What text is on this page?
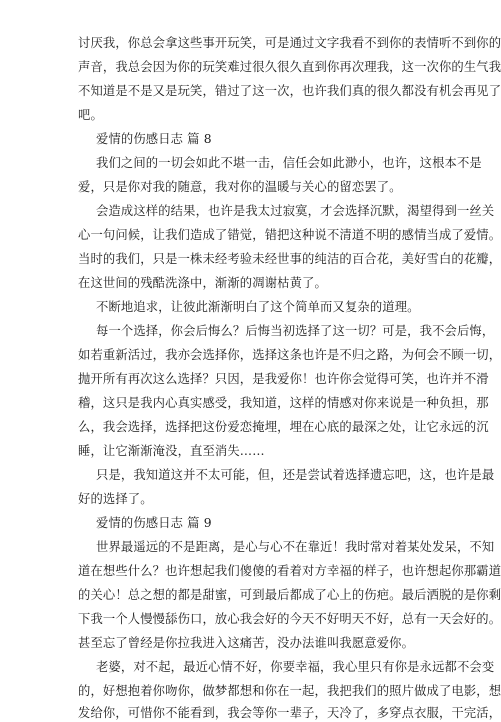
讨厌我，你总会拿这些事开玩笑，可是通过文字我看不到你的表情听不到你的
声音，我总会因为你的玩笑难过很久很久直到你再次理我，这一次你的生气我
不知道是不是又是玩笑，错过了这一次，也许我们真的很久都没有机会再见了
吧。
爱情的伤感日志 篇 8
我们之间的一切会如此不堪一击，信任会如此渺小，也许，这根本不是
爱，只是你对我的随意，我对你的温暖与关心的留恋罢了。
会造成这样的结果，也许是我太过寂寞，才会选择沉默，渴望得到一丝关
心一句问候，让我们造成了错觉，错把这种说不清道不明的感情当成了爱情。
当时的我们，只是一株未经考验未经世事的纯洁的百合花，美好雪白的花瓣，
在这世间的残酷洗涤中，渐渐的凋谢枯黄了。
不断地追求，让彼此渐渐明白了这个简单而又复杂的道理。
每一个选择，你会后悔么？后悔当初选择了这一切？可是，我不会后悔，
如若重新活过，我亦会选择你，选择这条也许是不归之路，为何会不顾一切，
抛开所有再次这么选择？只因，是我爱你！也许你会觉得可笑，也许并不滑
稽，这只是我内心真实感受，我知道，这样的情感对你来说是一种负担，那
么，我会选择，选择把这份爱恋掩埋，埋在心底的最深之处，让它永远的沉
睡，让它渐渐淹没，直至消失……
只是，我知道这并不太可能，但，还是尝试着选择遗忘吧，这，也许是最
好的选择了。
爱情的伤感日志 篇 9
世界最遥远的不是距离，是心与心不在靠近！我时常对着某处发呆，不知
道在想些什么？也许想起我们傻傻的看着对方幸福的样子，也许想起你那霸道
的关心！总之想的都是甜蜜，可到最后都成了心上的伤疤。最后洒脱的是你剩
下我一个人慢慢舔伤口，放心我会好的今天不好明天不好，总有一天会好的。
甚至忘了曾经是你拉我进入这痛苦，没办法谁叫我愿意爱你。
老婆，对不起，最近心情不好，你要幸福，我心里只有你是永远都不会变
的，好想抱着你吻你，做梦都想和你在一起，我把我们的照片做成了电影，想
发给你，可惜你不能看到，我会等你一辈子，天冷了，多穿点衣服，干完活，
